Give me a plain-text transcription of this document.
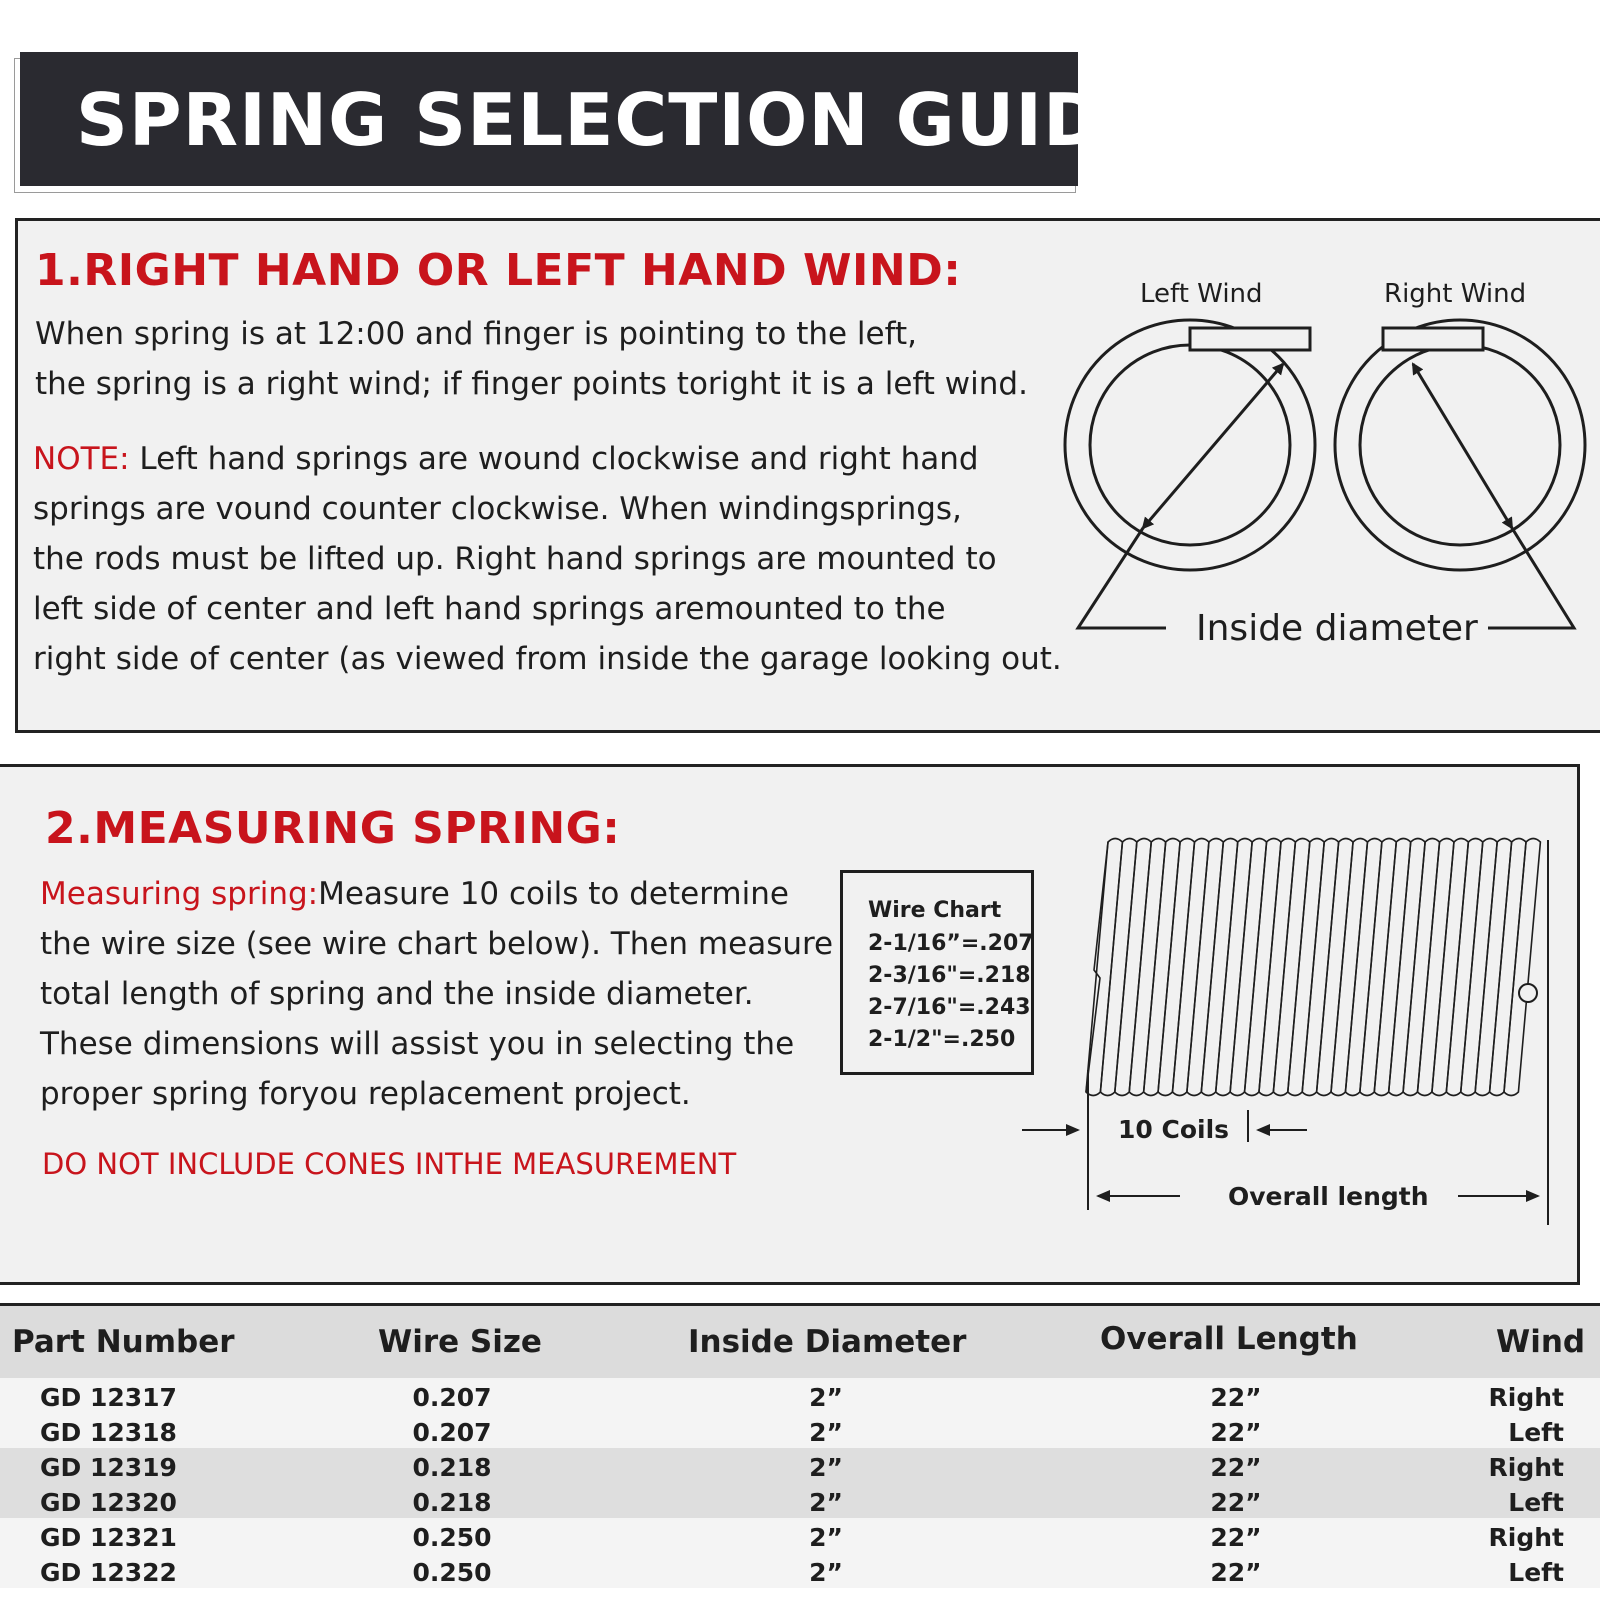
SPRING SELECTION GUIDE
1.RIGHT HAND OR LEFT HAND WIND:

When spring is at 12:00 and finger is pointing to the left,

the spring is a right wind; if finger points toright it is a left wind.

NOTE: Left hand springs are wound clockwise and right hand

springs are vound counter clockwise. When windingsprings,

the rods must be lifted up. Right hand springs are mounted to

left side of center and left hand springs aremounted to the

right side of center (as viewed from inside the garage looking out.

Left Wind	Right Wind
Inside diameter
2.MEASURING SPRING:

Measuring spring:Measure 10 coils to determine

the wire size (see wire chart below). Then measure

total length of spring and the inside diameter.

These dimensions will assist you in selecting the

proper spring foryou replacement project.

DO NOT INCLUDE CONES INTHE MEASUREMENT
Wire Chart
2-1/16”=.207
2-3/16"=.218
2-7/16"=.243
2-1/2"=.250
10 Coils
Overall length
Part Number	Wire Size	Inside Diameter	Overall Length	Wind
GD 12317	0.207	2”	22”	Right
GD 12318	0.207	2”	22”	Left
GD 12319	0.218	2”	22”	Right
GD 12320	0.218	2”	22”	Left
GD 12321	0.250	2”	22”	Right
GD 12322	0.250	2”	22”	Left
